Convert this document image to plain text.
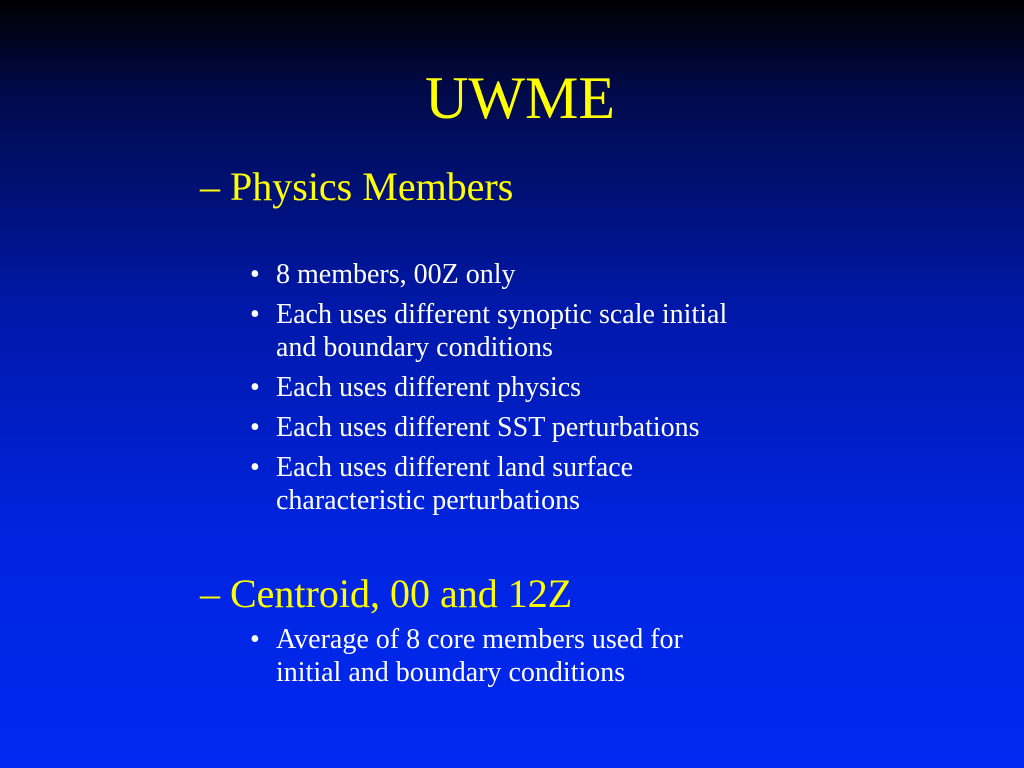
UWME
– Physics Members
• 8 members, 00Z only
• Each uses different synoptic scale initial
and boundary conditions
• Each uses different physics
• Each uses different SST perturbations
• Each uses different land surface
characteristic perturbations
– Centroid, 00 and 12Z
• Average of 8 core members used for
initial and boundary conditions
